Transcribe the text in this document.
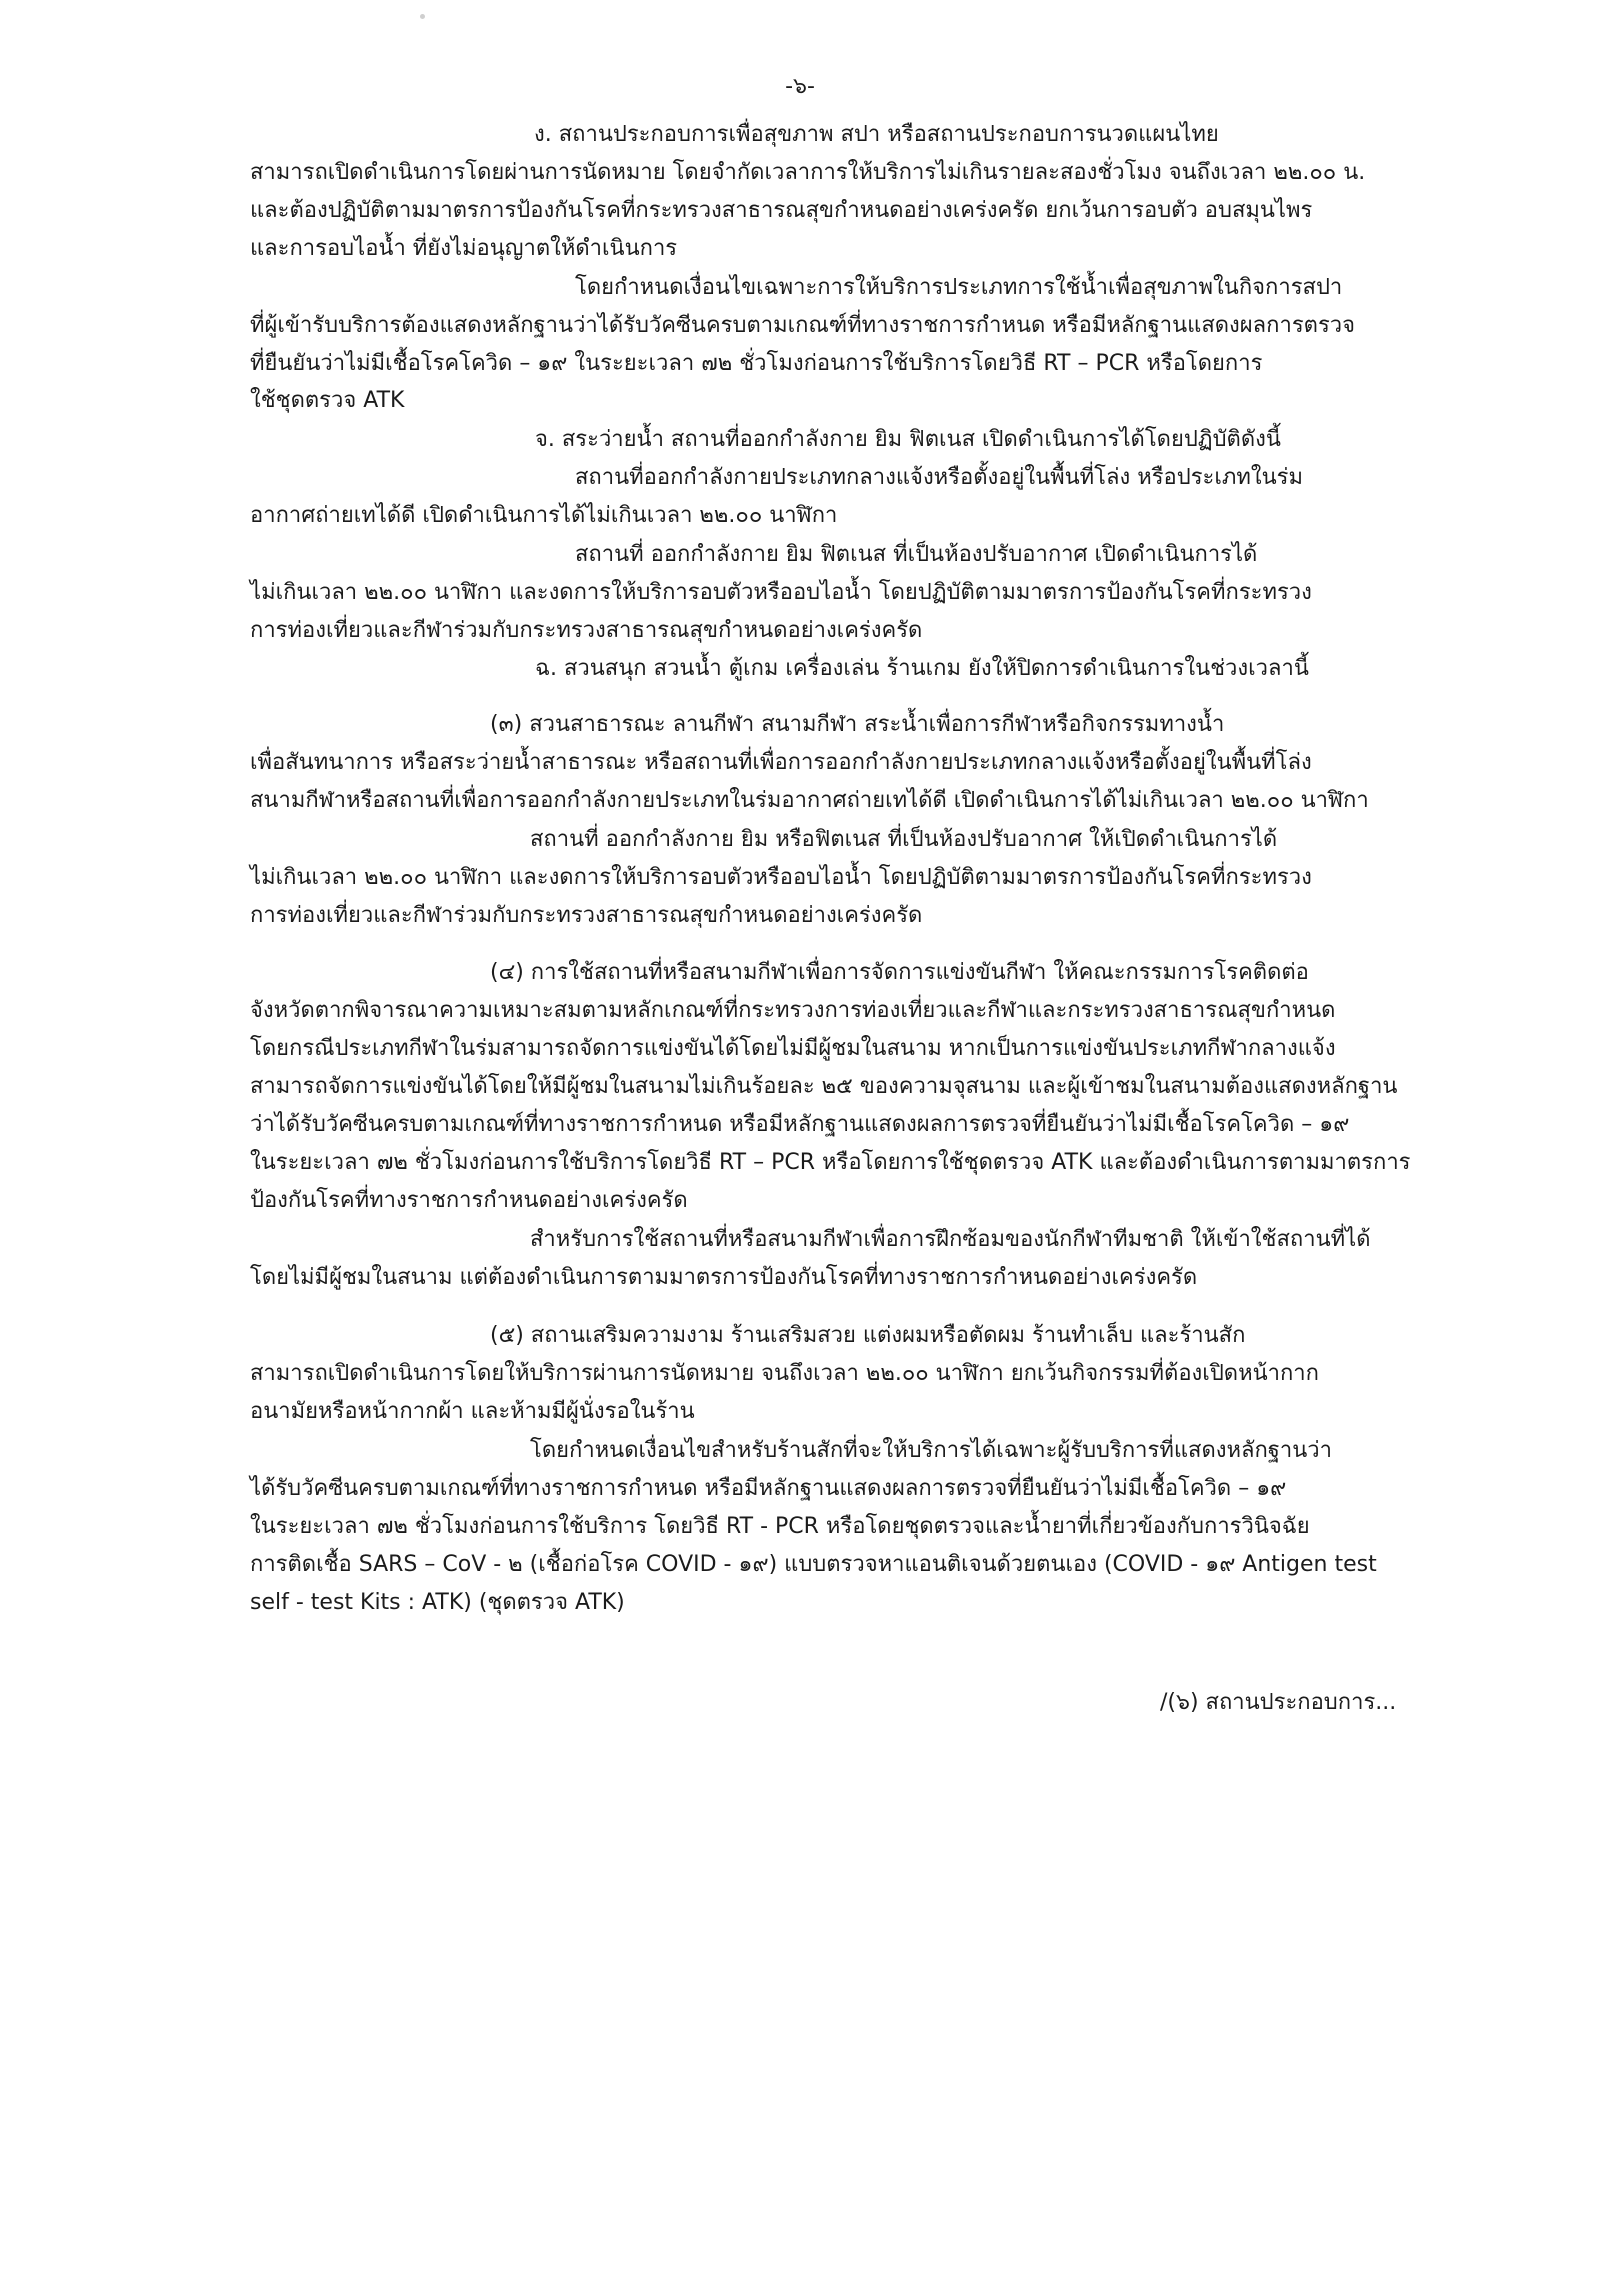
-๖-
ง. สถานประกอบการเพื่อสุขภาพ สปา หรือสถานประกอบการนวดแผนไทย
สามารถเปิดดำเนินการโดยผ่านการนัดหมาย โดยจำกัดเวลาการให้บริการไม่เกินรายละสองชั่วโมง จนถึงเวลา ๒๒.๐๐ น.
และต้องปฏิบัติตามมาตรการป้องกันโรคที่กระทรวงสาธารณสุขกำหนดอย่างเคร่งครัด ยกเว้นการอบตัว อบสมุนไพร
และการอบไอน้ำ ที่ยังไม่อนุญาตให้ดำเนินการ
โดยกำหนดเงื่อนไขเฉพาะการให้บริการประเภทการใช้น้ำเพื่อสุขภาพในกิจการสปา
ที่ผู้เข้ารับบริการต้องแสดงหลักฐานว่าได้รับวัคซีนครบตามเกณฑ์ที่ทางราชการกำหนด หรือมีหลักฐานแสดงผลการตรวจ
ที่ยืนยันว่าไม่มีเชื้อโรคโควิด – ๑๙ ในระยะเวลา ๗๒ ชั่วโมงก่อนการใช้บริการโดยวิธี RT – PCR หรือโดยการ
ใช้ชุดตรวจ ATK
จ. สระว่ายน้ำ สถานที่ออกกำลังกาย ยิม ฟิตเนส เปิดดำเนินการได้โดยปฏิบัติดังนี้
สถานที่ออกกำลังกายประเภทกลางแจ้งหรือตั้งอยู่ในพื้นที่โล่ง หรือประเภทในร่ม
อากาศถ่ายเทได้ดี เปิดดำเนินการได้ไม่เกินเวลา ๒๒.๐๐ นาฬิกา
สถานที่ ออกกำลังกาย ยิม ฟิตเนส ที่เป็นห้องปรับอากาศ เปิดดำเนินการได้
ไม่เกินเวลา ๒๒.๐๐ นาฬิกา และงดการให้บริการอบตัวหรืออบไอน้ำ โดยปฏิบัติตามมาตรการป้องกันโรคที่กระทรวง
การท่องเที่ยวและกีฬาร่วมกับกระทรวงสาธารณสุขกำหนดอย่างเคร่งครัด
ฉ. สวนสนุก สวนน้ำ ตู้เกม เครื่องเล่น ร้านเกม ยังให้ปิดการดำเนินการในช่วงเวลานี้
(๓) สวนสาธารณะ ลานกีฬา สนามกีฬา สระน้ำเพื่อการกีฬาหรือกิจกรรมทางน้ำ
เพื่อสันทนาการ หรือสระว่ายน้ำสาธารณะ หรือสถานที่เพื่อการออกกำลังกายประเภทกลางแจ้งหรือตั้งอยู่ในพื้นที่โล่ง
สนามกีฬาหรือสถานที่เพื่อการออกกำลังกายประเภทในร่มอากาศถ่ายเทได้ดี เปิดดำเนินการได้ไม่เกินเวลา ๒๒.๐๐ นาฬิกา
สถานที่ ออกกำลังกาย ยิม หรือฟิตเนส ที่เป็นห้องปรับอากาศ ให้เปิดดำเนินการได้
ไม่เกินเวลา ๒๒.๐๐ นาฬิกา และงดการให้บริการอบตัวหรืออบไอน้ำ โดยปฏิบัติตามมาตรการป้องกันโรคที่กระทรวง
การท่องเที่ยวและกีฬาร่วมกับกระทรวงสาธารณสุขกำหนดอย่างเคร่งครัด
(๔) การใช้สถานที่หรือสนามกีฬาเพื่อการจัดการแข่งขันกีฬา ให้คณะกรรมการโรคติดต่อ
จังหวัดตากพิจารณาความเหมาะสมตามหลักเกณฑ์ที่กระทรวงการท่องเที่ยวและกีฬาและกระทรวงสาธารณสุขกำหนด
โดยกรณีประเภทกีฬาในร่มสามารถจัดการแข่งขันได้โดยไม่มีผู้ชมในสนาม หากเป็นการแข่งขันประเภทกีฬากลางแจ้ง
สามารถจัดการแข่งขันได้โดยให้มีผู้ชมในสนามไม่เกินร้อยละ ๒๕ ของความจุสนาม และผู้เข้าชมในสนามต้องแสดงหลักฐาน
ว่าได้รับวัคซีนครบตามเกณฑ์ที่ทางราชการกำหนด หรือมีหลักฐานแสดงผลการตรวจที่ยืนยันว่าไม่มีเชื้อโรคโควิด – ๑๙
ในระยะเวลา ๗๒ ชั่วโมงก่อนการใช้บริการโดยวิธี RT – PCR หรือโดยการใช้ชุดตรวจ ATK และต้องดำเนินการตามมาตรการ
ป้องกันโรคที่ทางราชการกำหนดอย่างเคร่งครัด
สำหรับการใช้สถานที่หรือสนามกีฬาเพื่อการฝึกซ้อมของนักกีฬาทีมชาติ ให้เข้าใช้สถานที่ได้
โดยไม่มีผู้ชมในสนาม แต่ต้องดำเนินการตามมาตรการป้องกันโรคที่ทางราชการกำหนดอย่างเคร่งครัด
(๕) สถานเสริมความงาม ร้านเสริมสวย แต่งผมหรือตัดผม ร้านทำเล็บ และร้านสัก
สามารถเปิดดำเนินการโดยให้บริการผ่านการนัดหมาย จนถึงเวลา ๒๒.๐๐ นาฬิกา ยกเว้นกิจกรรมที่ต้องเปิดหน้ากาก
อนามัยหรือหน้ากากผ้า และห้ามมีผู้นั่งรอในร้าน
โดยกำหนดเงื่อนไขสำหรับร้านสักที่จะให้บริการได้เฉพาะผู้รับบริการที่แสดงหลักฐานว่า
ได้รับวัคซีนครบตามเกณฑ์ที่ทางราชการกำหนด หรือมีหลักฐานแสดงผลการตรวจที่ยืนยันว่าไม่มีเชื้อโควิด – ๑๙
ในระยะเวลา ๗๒ ชั่วโมงก่อนการใช้บริการ โดยวิธี RT - PCR หรือโดยชุดตรวจและน้ำยาที่เกี่ยวข้องกับการวินิจฉัย
การติดเชื้อ SARS – CoV - ๒ (เชื้อก่อโรค COVID - ๑๙) แบบตรวจหาแอนติเจนด้วยตนเอง (COVID - ๑๙ Antigen test
self - test Kits : ATK) (ชุดตรวจ ATK)
/(๖) สถานประกอบการ...
